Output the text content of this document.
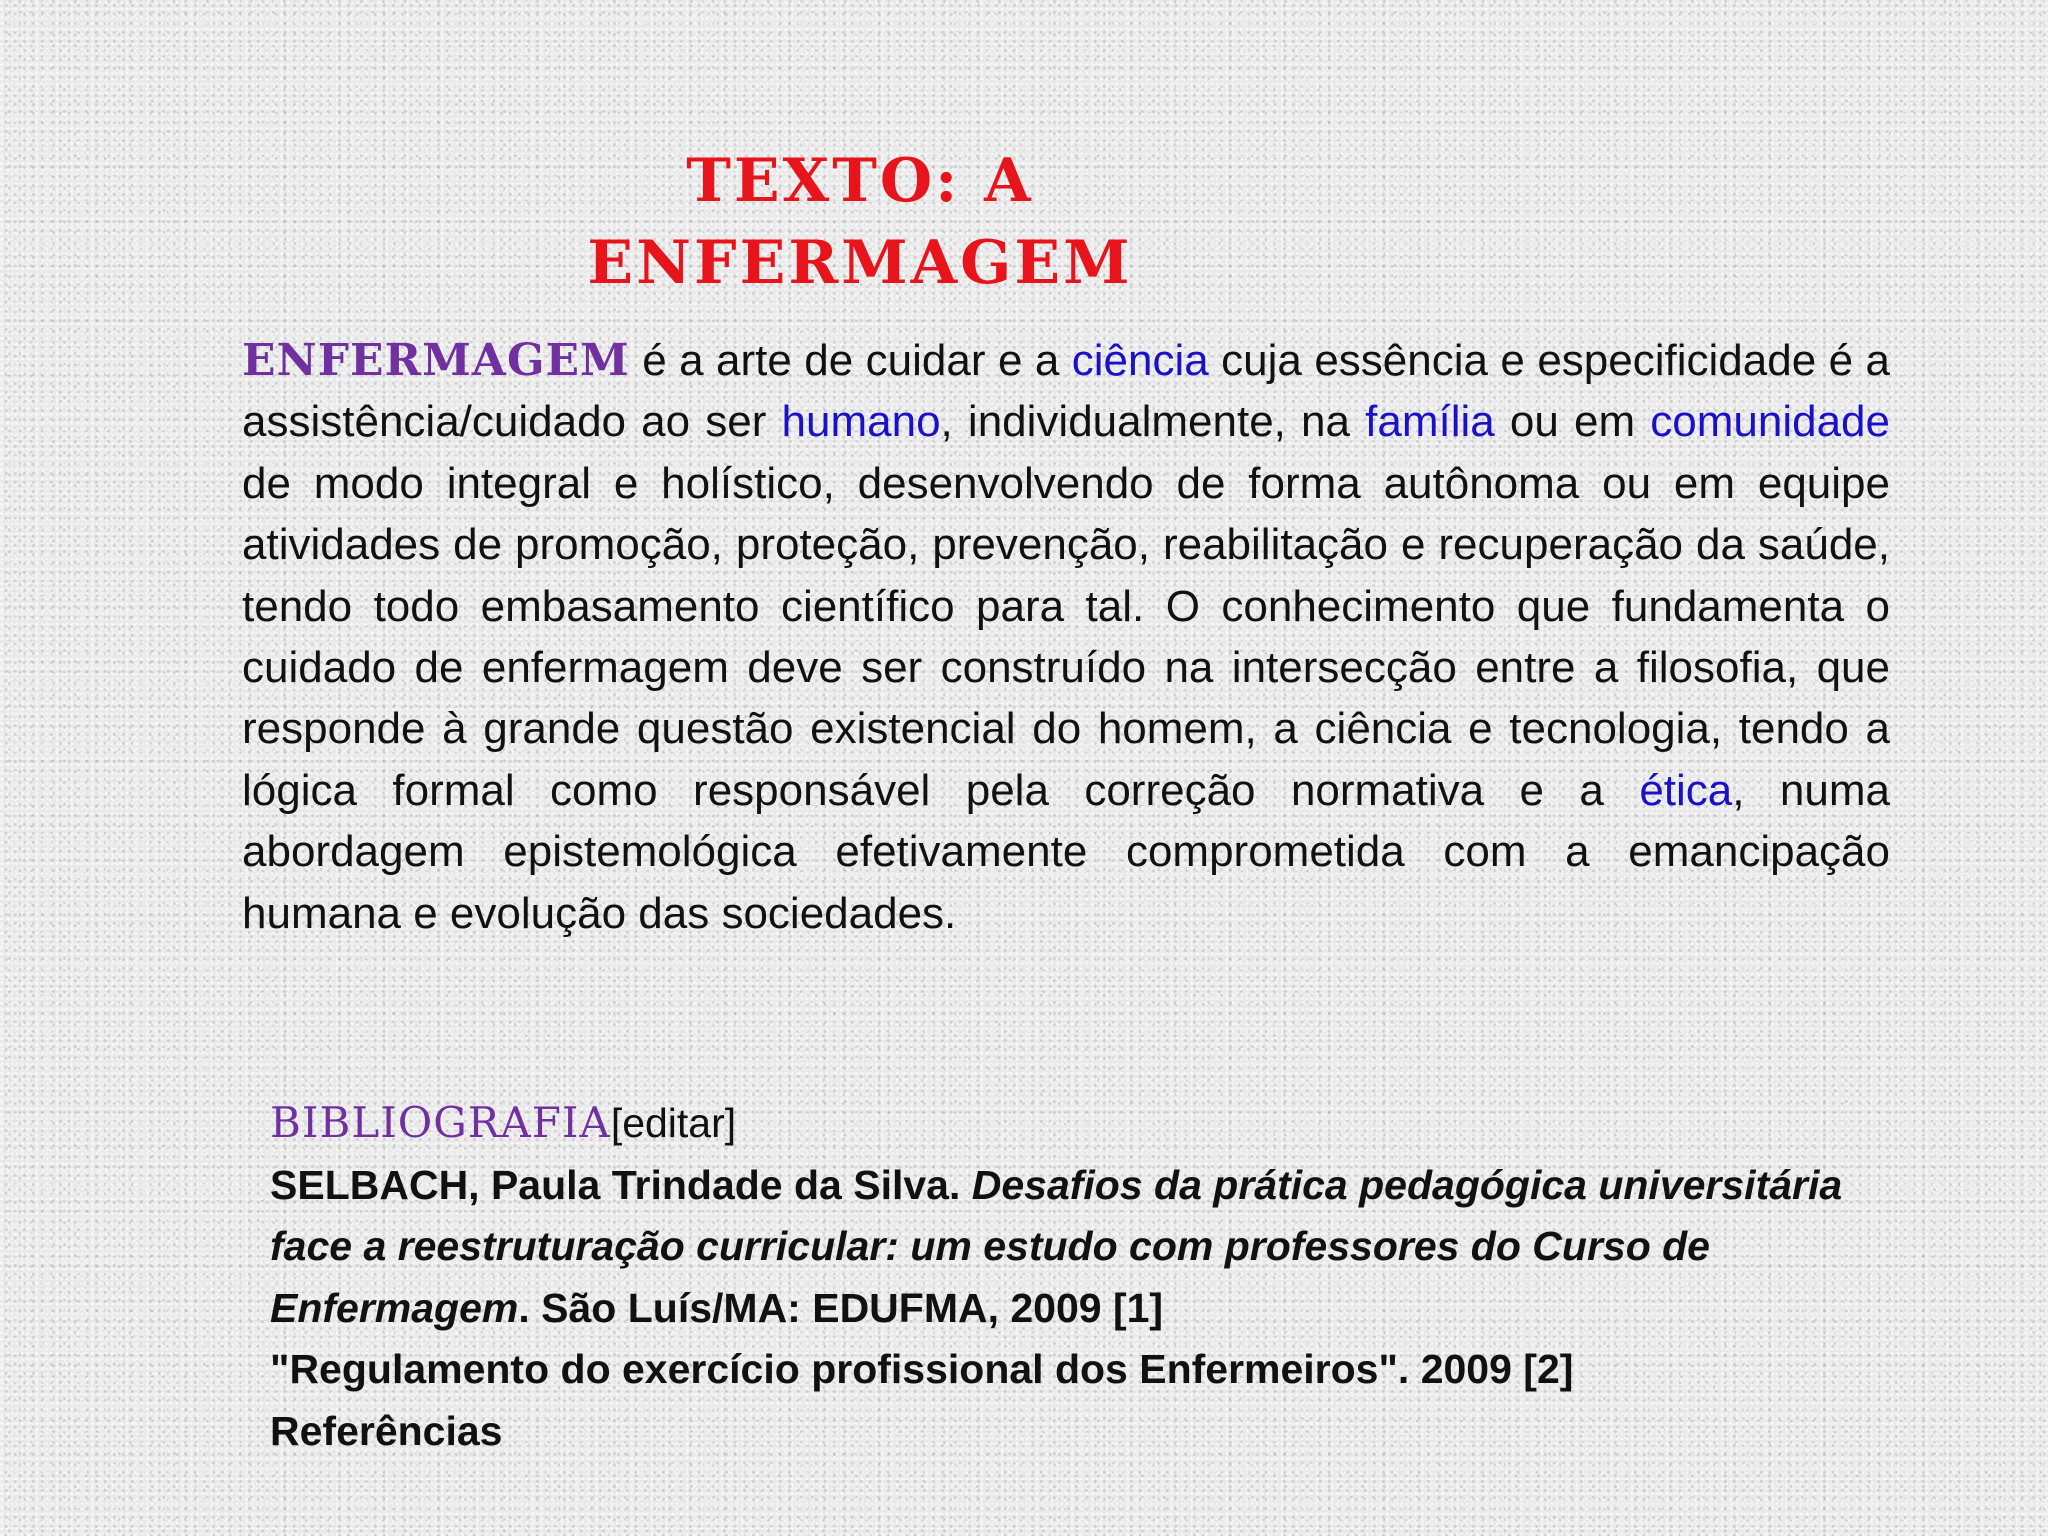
TEXTO: A
ENFERMAGEM
ENFERMAGEM é a arte de cuidar e a ciência cuja essência e especificidade é a assistência/cuidado ao ser humano, individualmente, na família ou em comunidade de modo integral e holístico, desenvolvendo de forma autônoma ou em equipe atividades de promoção, proteção, prevenção, reabilitação e recuperação da saúde, tendo todo embasamento científico para tal. O conhecimento que fundamenta o cuidado de enfermagem deve ser construído na intersecção entre a filosofia, que responde à grande questão existencial do homem, a ciência e tecnologia, tendo a lógica formal como responsável pela correção normativa e a ética, numa abordagem epistemológica efetivamente comprometida com a emancipação humana e evolução das sociedades.
BIBLIOGRAFIA[editar]
SELBACH, Paula Trindade da Silva. Desafios da prática pedagógica universitária face a reestruturação curricular: um estudo com professores do Curso de Enfermagem. São Luís/MA: EDUFMA, 2009 [1]
"Regulamento do exercício profissional dos Enfermeiros". 2009 [2]
Referências
